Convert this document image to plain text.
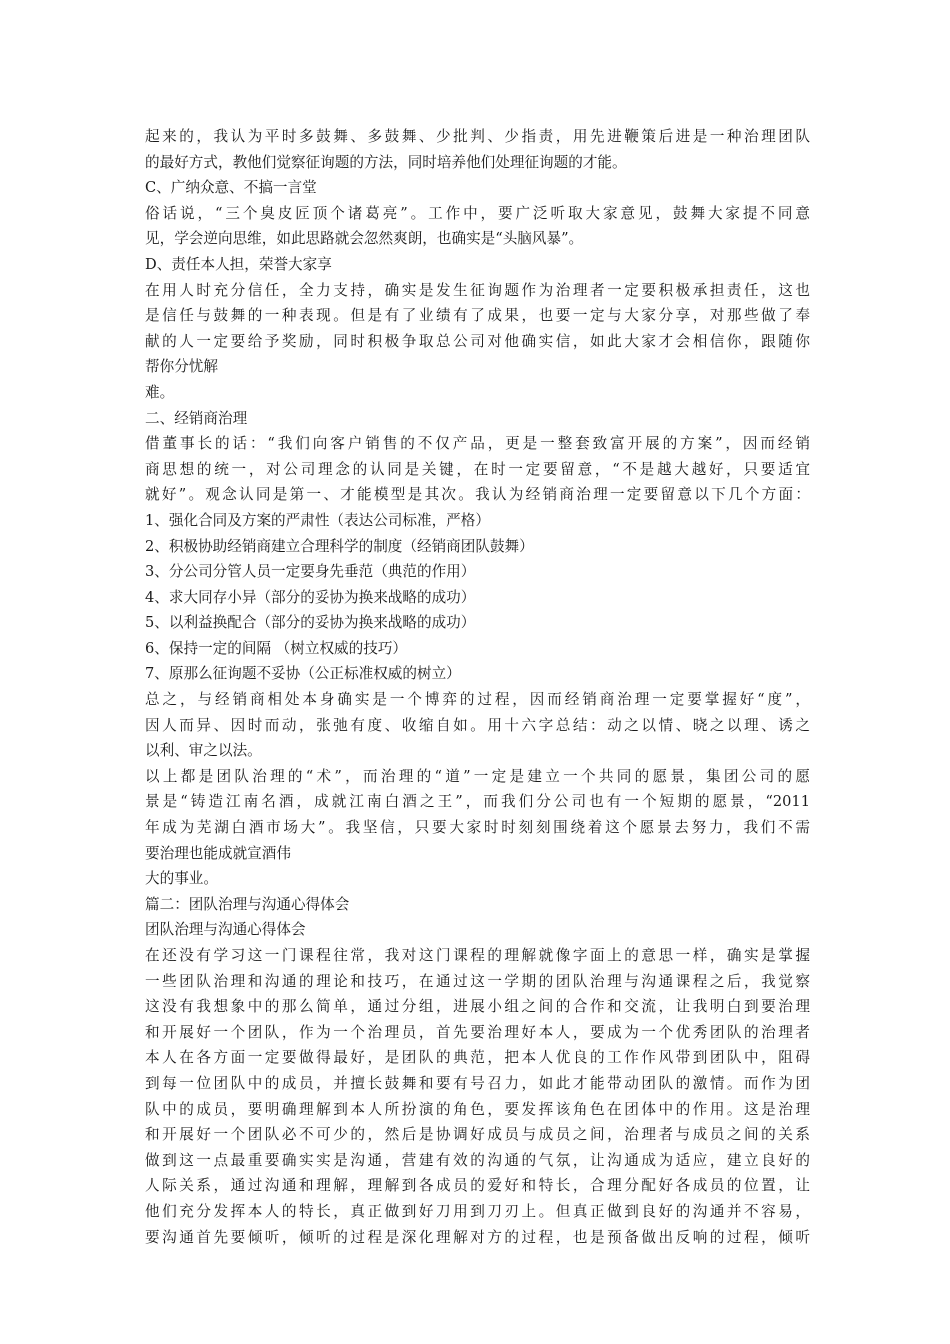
起来的，我认为平时多鼓舞、多鼓舞、少批判、少指责，用先进鞭策后进是一种治理团队
的最好方式，教他们觉察征询题的方法，同时培养他们处理征询题的才能。
C、广纳众意、不搞一言堂
俗话说，“三个臭皮匠顶个诸葛亮”。工作中，要广泛听取大家意见，鼓舞大家提不同意
见，学会逆向思维，如此思路就会忽然爽朗，也确实是“头脑风暴”。
D、责任本人担，荣誉大家享
在用人时充分信任，全力支持，确实是发生征询题作为治理者一定要积极承担责任，这也
是信任与鼓舞的一种表现。但是有了业绩有了成果，也要一定与大家分享，对那些做了奉
献的人一定要给予奖励，同时积极争取总公司对他确实信，如此大家才会相信你，跟随你
帮你分忧解
难。
二、经销商治理
借董事长的话：“我们向客户销售的不仅产品，更是一整套致富开展的方案”，因而经销
商思想的统一，对公司理念的认同是关键，在时一定要留意，“不是越大越好，只要适宜
就好”。观念认同是第一、才能模型是其次。我认为经销商治理一定要留意以下几个方面：
1、强化合同及方案的严肃性（表达公司标准，严格）
2、积极协助经销商建立合理科学的制度（经销商团队鼓舞）
3、分公司分管人员一定要身先垂范（典范的作用）
4、求大同存小异（部分的妥协为换来战略的成功）
5、以利益换配合（部分的妥协为换来战略的成功）
6、保持一定的间隔 （树立权威的技巧）
7、原那么征询题不妥协（公正标准权威的树立）
总之，与经销商相处本身确实是一个博弈的过程，因而经销商治理一定要掌握好“度”，
因人而异、因时而动，张弛有度、收缩自如。用十六字总结：动之以情、晓之以理、诱之
以利、审之以法。
以上都是团队治理的“术”，而治理的“道”一定是建立一个共同的愿景，集团公司的愿
景是“铸造江南名酒，成就江南白酒之王”，而我们分公司也有一个短期的愿景，“2011
年成为芜湖白酒市场大”。我坚信，只要大家时时刻刻围绕着这个愿景去努力，我们不需
要治理也能成就宣酒伟
大的事业。
篇二：团队治理与沟通心得体会
团队治理与沟通心得体会
在还没有学习这一门课程往常，我对这门课程的理解就像字面上的意思一样，确实是掌握
一些团队治理和沟通的理论和技巧，在通过这一学期的团队治理与沟通课程之后，我觉察
这没有我想象中的那么简单，通过分组，进展小组之间的合作和交流，让我明白到要治理
和开展好一个团队，作为一个治理员，首先要治理好本人，要成为一个优秀团队的治理者
本人在各方面一定要做得最好，是团队的典范，把本人优良的工作作风带到团队中，阻碍
到每一位团队中的成员，并擅长鼓舞和要有号召力，如此才能带动团队的激情。而作为团
队中的成员，要明确理解到本人所扮演的角色，要发挥该角色在团体中的作用。这是治理
和开展好一个团队必不可少的，然后是协调好成员与成员之间，治理者与成员之间的关系
做到这一点最重要确实实是沟通，营建有效的沟通的气氛，让沟通成为适应，建立良好的
人际关系，通过沟通和理解，理解到各成员的爱好和特长，合理分配好各成员的位置，让
他们充分发挥本人的特长，真正做到好刀用到刀刃上。但真正做到良好的沟通并不容易，
要沟通首先要倾听，倾听的过程是深化理解对方的过程，也是预备做出反响的过程，倾听
